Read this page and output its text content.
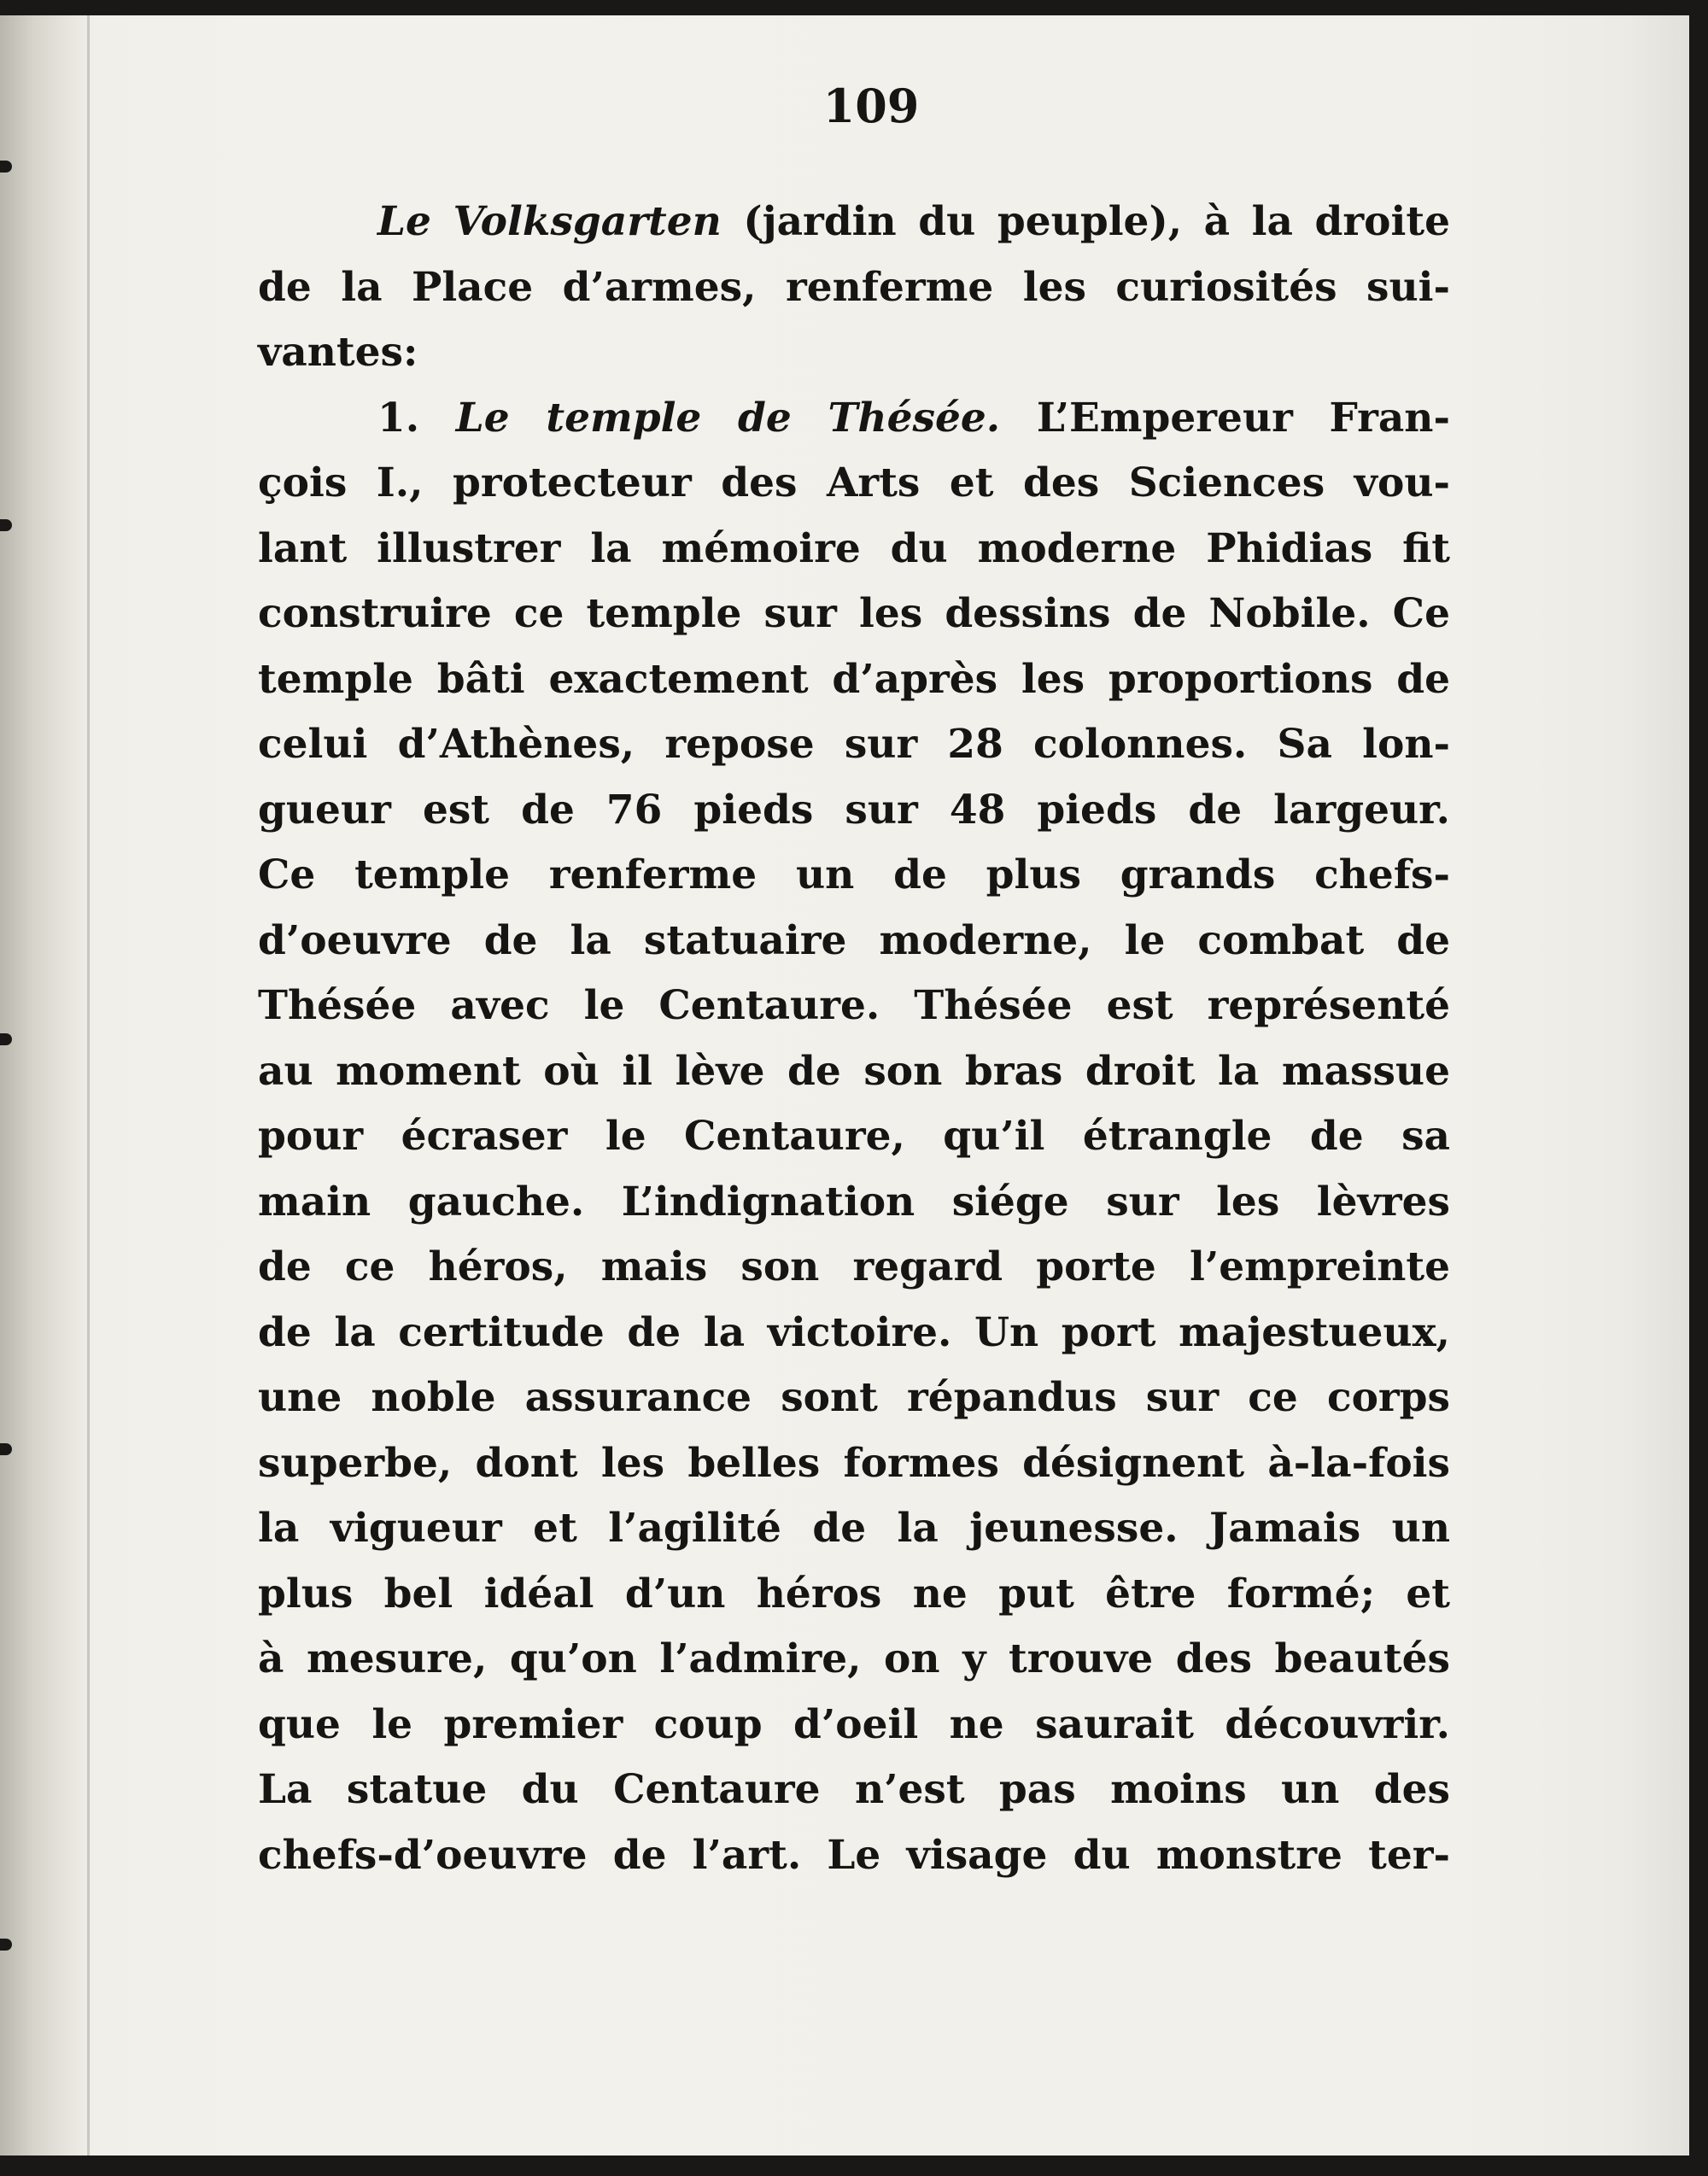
109
Le Volksgarten (jardin du peuple), à la droite
de la Place d’armes, renferme les curiosités sui-
vantes:
1. Le temple de Thésée. L’Empereur Fran-
çois I., protecteur des Arts et des Sciences vou-
lant illustrer la mémoire du moderne Phidias fit
construire ce temple sur les dessins de Nobile. Ce
temple bâti exactement d’après les proportions de
celui d’Athènes, repose sur 28 colonnes. Sa lon-
gueur est de 76 pieds sur 48 pieds de largeur.
Ce temple renferme un de plus grands chefs-
d’oeuvre de la statuaire moderne, le combat de
Thésée avec le Centaure. Thésée est représenté
au moment où il lève de son bras droit la massue
pour écraser le Centaure, qu’il étrangle de sa
main gauche. L’indignation siége sur les lèvres
de ce héros, mais son regard porte l’empreinte
de la certitude de la victoire. Un port majestueux,
une noble assurance sont répandus sur ce corps
superbe, dont les belles formes désignent à-la-fois
la vigueur et l’agilité de la jeunesse. Jamais un
plus bel idéal d’un héros ne put être formé; et
à mesure, qu’on l’admire, on y trouve des beautés
que le premier coup d’oeil ne saurait découvrir.
La statue du Centaure n’est pas moins un des
chefs-d’oeuvre de l’art. Le visage du monstre ter-
